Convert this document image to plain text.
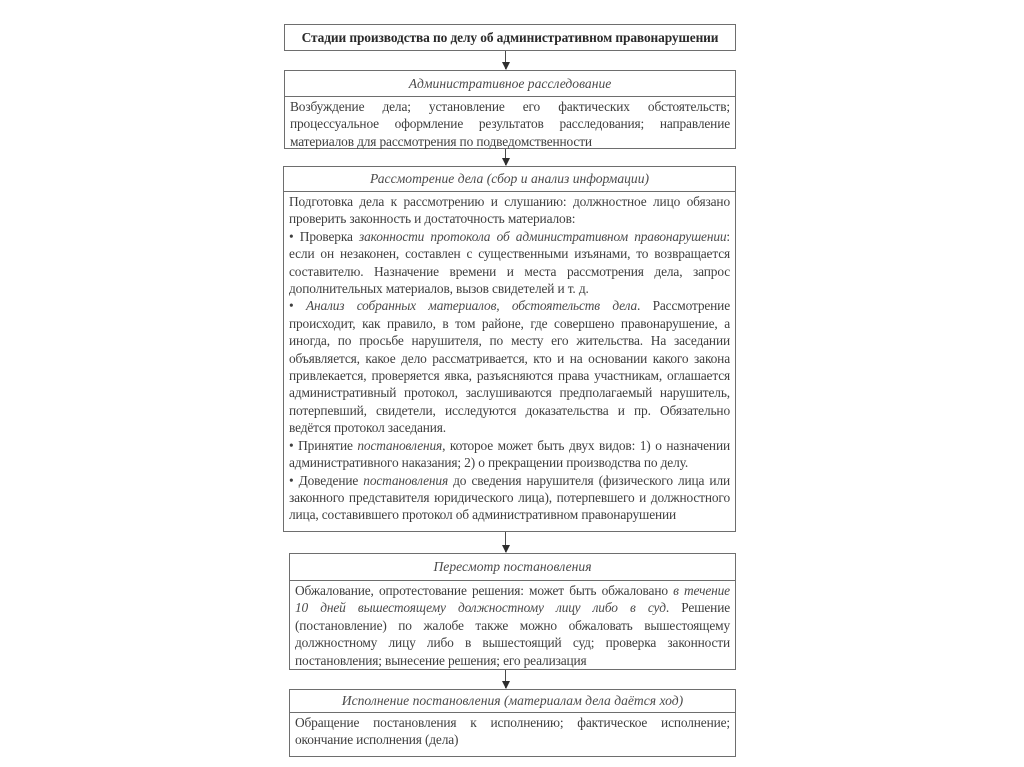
Стадии производства по делу об административном правонарушении
Административное расследование

Возбуждение дела; установление его фактических обстоятельств; процессуальное оформление результатов расследования; направление материалов для рассмотрения по подведомственности

Рассмотрение дела (сбор и анализ информации)

Подготовка дела к рассмотрению и слушанию: должностное лицо обязано проверить законность и достаточность материалов:

• Проверка законности протокола об административном правонарушении: если он незаконен, составлен с существенными изъянами, то возвращается составителю. Назначение времени и места рассмотрения дела, запрос дополнительных материалов, вызов свидетелей и т. д.

• Анализ собранных материалов, обстоятельств дела. Рассмотрение происходит, как правило, в том районе, где совершено правонарушение, а иногда, по просьбе нарушителя, по месту его жительства. На заседании объявляется, какое дело рассматривается, кто и на основании какого закона привлекается, проверяется явка, разъясняются права участникам, оглашается административный протокол, заслушиваются предполагаемый нарушитель, потерпевший, свидетели, исследуются доказательства и пр. Обязательно ведётся протокол заседания.

• Принятие постановления, которое может быть двух видов: 1) о назначении административного наказания; 2) о прекращении производства по делу.

• Доведение постановления до сведения нарушителя (физического лица или законного представителя юридического лица), потерпевшего и должностного лица, составившего протокол об административном правонарушении

Пересмотр постановления

Обжалование, опротестование решения: может быть обжаловано в течение 10 дней вышестоящему должностному лицу либо в суд. Решение (постановление) по жалобе также можно обжаловать вышестоящему должностному лицу либо в вышестоящий суд; проверка законности постановления; вынесение решения; его реализация

Исполнение постановления (материалам дела даётся ход)

Обращение постановления к исполнению; фактическое исполнение; окончание исполнения (дела)
